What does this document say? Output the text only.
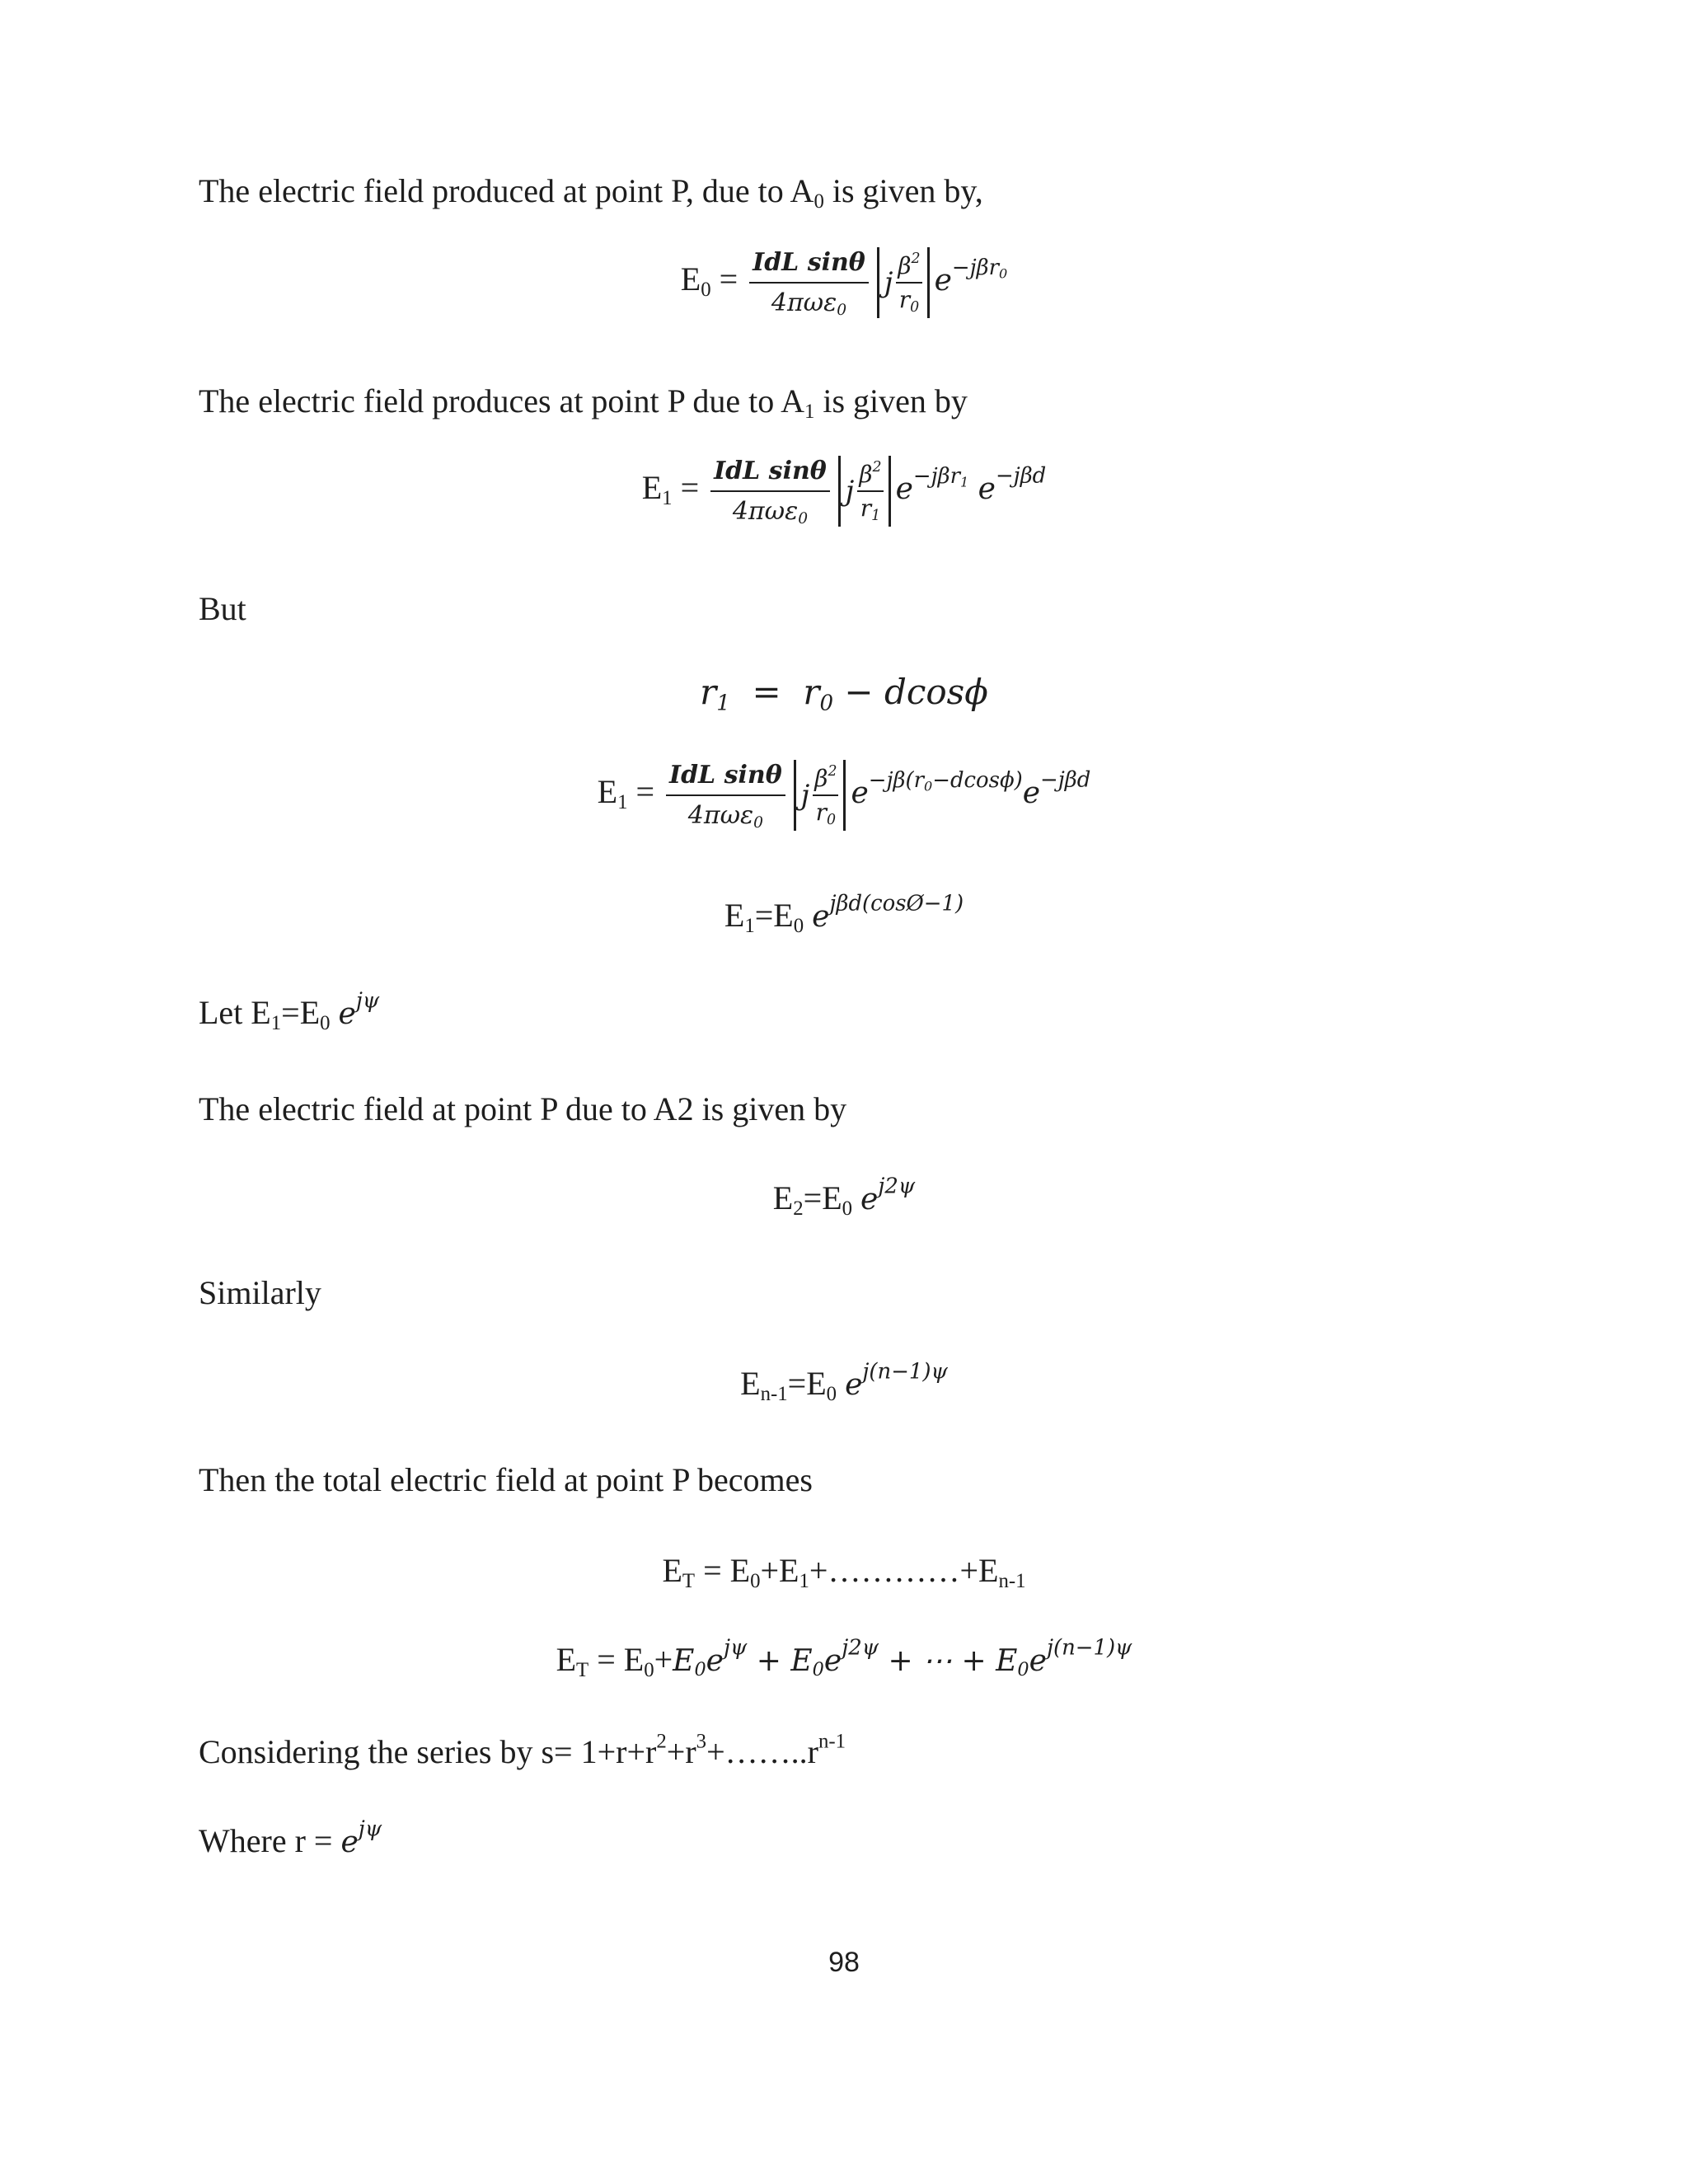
The electric field produced at point P, due to $A_0$ is given by,
$E_0 = \frac{\text{IdL sinθ}}{4\pi\omega\varepsilon_0}$ j $\frac{\beta^2}{r_0} e^{-j\beta r_0}$
The electric field produces at point P due to $A_1$ is given by
$E_1 = \frac{\text{IdL sinθ}}{4\pi\omega\varepsilon_0}$ j $\frac{\beta^2}{r_1} e^{-j\beta r_1}$ $e^{-j\beta d}$
But
$r_1 = r_0 - dcos\phi$
$E_1 = \frac{\text{IdL sinθ}}{4\pi\omega\varepsilon_0}$ j $\frac{\beta^2}{r_0} e^{-j\beta(r_0-dcos\phi)}e^{-j\beta d}$
$E_1=E_0$ $e^{j\beta d(cosØ-1)}$
Let $E_1=E_0$ $e^{j\psi}$
The electric field at point P due to A2 is given by
$E_2=E_0$ $e^{j2\psi}$
Similarly
$E_{n-1}=E_0$ $e^{j(n-1)\psi}$
Then the total electric field at point P becomes
$E_T$ = $E_0+E_1+\dots\dots\dots\dots+E_{n-1}$
$E_T = E_0+E_0e^{j\psi} + E_0e^{j2\psi}$ + ⋯ + $E_0e^{j(n-1)\psi}$
Considering the series by $s= 1+r+r^2+r^3+\dots\dots..r^{n-1}$
Where $r = e^{j\psi}$
98
